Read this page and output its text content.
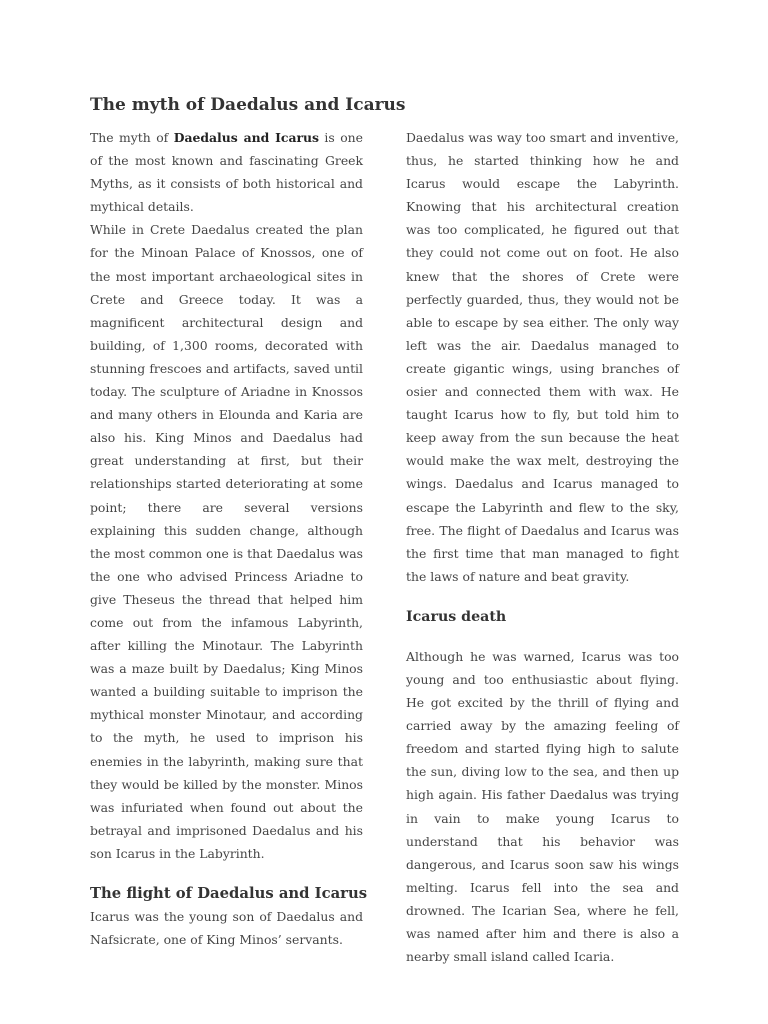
The myth of Daedalus and Icarus

The myth of Daedalus and Icarus is one of the most known and fascinating Greek Myths, as it consists of both historical and mythical details.

While in Crete Daedalus created the plan for the Minoan Palace of Knossos, one of the most important archaeological sites in Crete and Greece today. It was a magnificent architectural design and building, of 1,300 rooms, decorated with stunning frescoes and artifacts, saved until today. The sculpture of Ariadne in Knossos and many others in Elounda and Karia are also his. King Minos and Daedalus had great understanding at first, but their relationships started deteriorating at some point; there are several versions explaining this sudden change, although the most common one is that Daedalus was the one who advised Princess Ariadne to give Theseus the thread that helped him come out from the infamous Labyrinth, after killing the Minotaur. The Labyrinth was a maze built by Daedalus; King Minos wanted a building suitable to imprison the mythical monster Minotaur, and according to the myth, he used to imprison his enemies in the labyrinth, making sure that they would be killed by the monster. Minos was infuriated when found out about the betrayal and imprisoned Daedalus and his son Icarus in the Labyrinth.

The flight of Daedalus and Icarus

Icarus was the young son of Daedalus and Nafsicrate, one of King Minos’ servants.

Daedalus was way too smart and inventive, thus, he started thinking how he and Icarus would escape the Labyrinth. Knowing that his architectural creation was too complicated, he figured out that they could not come out on foot. He also knew that the shores of Crete were perfectly guarded, thus, they would not be able to escape by sea either. The only way left was the air. Daedalus managed to create gigantic wings, using branches of osier and connected them with wax. He taught Icarus how to fly, but told him to keep away from the sun because the heat would make the wax melt, destroying the wings. Daedalus and Icarus managed to escape the Labyrinth and flew to the sky, free. The flight of Daedalus and Icarus was the first time that man managed to fight the laws of nature and beat gravity.

Icarus death

Although he was warned, Icarus was too young and too enthusiastic about flying. He got excited by the thrill of flying and carried away by the amazing feeling of freedom and started flying high to salute the sun, diving low to the sea, and then up high again. His father Daedalus was trying in vain to make young Icarus to understand that his behavior was dangerous, and Icarus soon saw his wings melting. Icarus fell into the sea and drowned. The Icarian Sea, where he fell, was named after him and there is also a nearby small island called Icaria.
